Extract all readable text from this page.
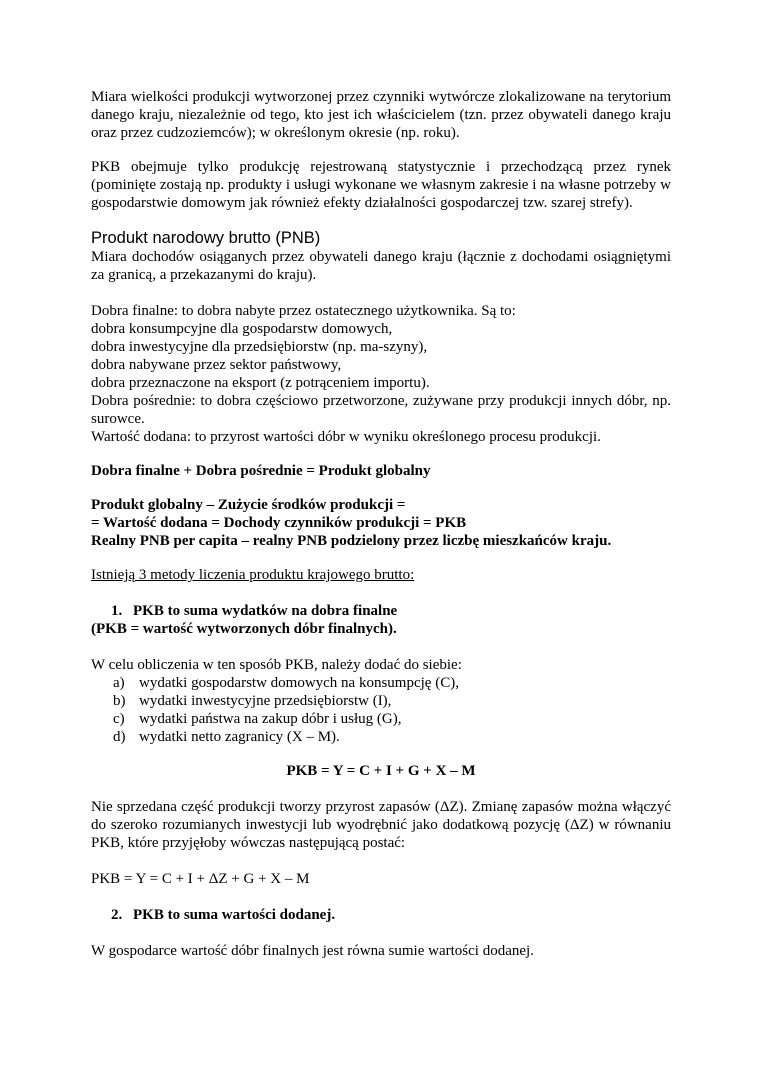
Miara wielkości produkcji wytworzonej przez czynniki wytwórcze zlokalizowane na terytorium danego kraju, niezależnie od tego, kto jest ich właścicielem (tzn. przez obywateli danego kraju oraz przez cudzoziemców); w określonym okresie (np. roku).

PKB obejmuje tylko produkcję rejestrowaną statystycznie i przechodzącą przez rynek (pominięte zostają np. produkty i usługi wykonane we własnym zakresie i na własne potrzeby w gospodarstwie domowym jak również efekty działalności gospodarczej tzw. szarej strefy).

Produkt narodowy brutto (PNB)

Miara dochodów osiąganych przez obywateli danego kraju (łącznie z dochodami osiągniętymi za granicą, a przekazanymi do kraju).

Dobra finalne: to dobra nabyte przez ostatecznego użytkownika. Są to:

dobra konsumpcyjne dla gospodarstw domowych,

dobra inwestycyjne dla przedsiębiorstw (np. ma-szyny),

dobra nabywane przez sektor państwowy,

dobra przeznaczone na eksport (z potrąceniem importu).

Dobra pośrednie: to dobra częściowo przetworzone, zużywane przy produkcji innych dóbr, np. surowce.

Wartość dodana: to przyrost wartości dóbr w wyniku określonego procesu produkcji.

Dobra finalne + Dobra pośrednie = Produkt globalny

Produkt globalny – Zużycie środków produkcji =

= Wartość dodana = Dochody czynników produkcji = PKB

Realny PNB per capita – realny PNB podzielony przez liczbę mieszkańców kraju.

Istnieją 3 metody liczenia produktu krajowego brutto:

1. PKB to suma wydatków na dobra finalne

(PKB = wartość wytworzonych dóbr finalnych).

W celu obliczenia w ten sposób PKB, należy dodać do siebie:

a) wydatki gospodarstw domowych na konsumpcję (C),
b) wydatki inwestycyjne przedsiębiorstw (I),
c) wydatki państwa na zakup dóbr i usług (G),
d) wydatki netto zagranicy (X – M).

PKB = Y = C + I + G + X – M

Nie sprzedana część produkcji tworzy przyrost zapasów (ΔZ). Zmianę zapasów można włączyć do szeroko rozumianych inwestycji lub wyodrębnić jako dodatkową pozycję (ΔZ) w równaniu PKB, które przyjęłoby wówczas następującą postać:

PKB = Y = C + I + ΔZ + G + X – M

2. PKB to suma wartości dodanej.

W gospodarce wartość dóbr finalnych jest równa sumie wartości dodanej.
